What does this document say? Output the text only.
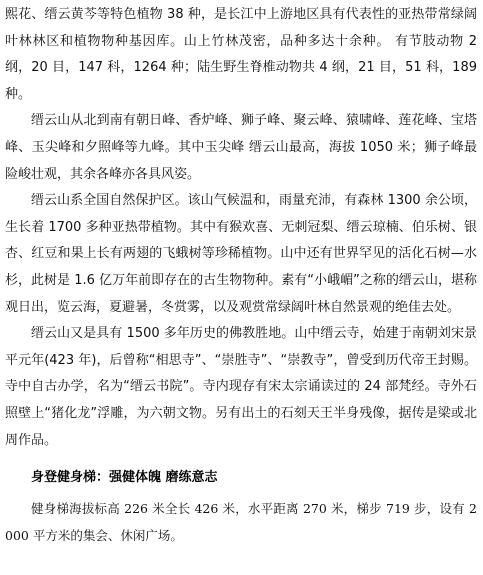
熙花、缙云黄芩等特色植物 38 种，是长江中上游地区具有代表性的亚热带常绿阔叶林林区和植物物种基因库。山上竹林茂密，品种多达十余种。 有节肢动物 2 纲，20 目，147 科，1264 种；陆生野生脊椎动物共 4 纲，21 目，51 科，189 种。

缙云山从北到南有朝日峰、香炉峰、狮子峰、聚云峰、猿啸峰、莲花峰、宝塔峰、玉尖峰和夕照峰等九峰。其中玉尖峰 缙云山最高，海拔 1050 米；狮子峰最险峻壮观，其余各峰亦各具风姿。

缙云山系全国自然保护区。该山气候温和，雨量充沛，有森林 1300 余公顷，生长着 1700 多种亚热带植物。其中有猴欢喜、无刺冠梨、缙云琼楠、伯乐树、银杏、红豆和果上长有两翅的飞蛾树等珍稀植物。山中还有世界罕见的活化石树—水杉，此树是 1.6 亿万年前即存在的古生物物种。素有“小峨嵋”之称的缙云山，堪称观日出，览云海，夏避暑，冬赏雾，以及观赏常绿阔叶林自然景观的绝佳去处。

缙云山又是具有 1500 多年历史的佛教胜地。山中缙云寺，始建于南朝刘宋景平元年(423 年)，后曾称“相思寺”、“崇胜寺”、“崇教寺”，曾受到历代帝王封赐。寺中自古办学，名为“缙云书院”。寺内现存有宋太宗诵读过的 24 部梵经。寺外石照壁上“猪化龙”浮雕，为六朝文物。另有出土的石刻天王半身残像，据传是梁或北周作品。

身登健身梯：强健体魄 磨练意志

健身梯海拔标高 226 米全长 426 米，水平距离 270 米，梯步 719 步，设有 2000 平方米的集会、休闲广场。
